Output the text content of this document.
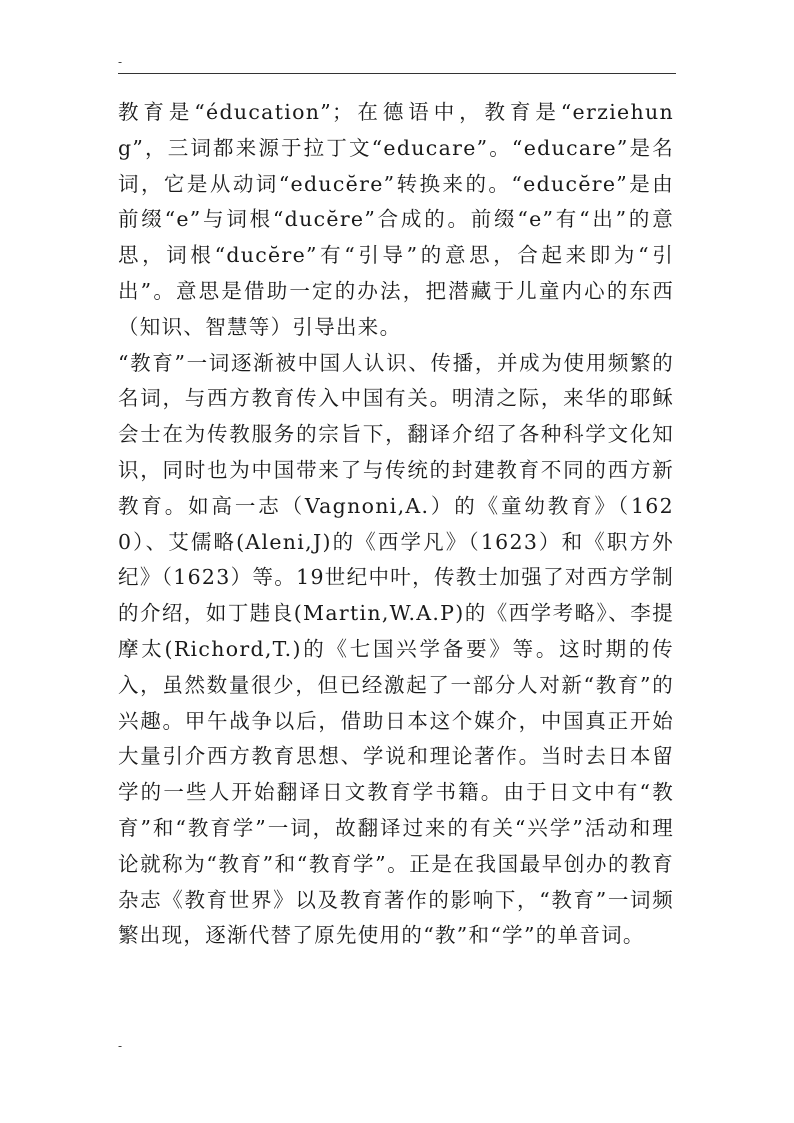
-

教育是“éducation”；在德语中，教育是“erziehung”，三词都来源于拉丁文“educare”。“educare”是名词，它是从动词“educĕre”转换来的。“educĕre”是由前缀“e”与词根“ducĕre”合成的。前缀“e”有“出”的意思，词根“ducĕre”有“引导”的意思，合起来即为“引出”。意思是借助一定的办法，把潜藏于儿童内心的东西（知识、智慧等）引导出来。

“教育”一词逐渐被中国人认识、传播，并成为使用频繁的名词，与西方教育传入中国有关。明清之际，来华的耶稣会士在为传教服务的宗旨下，翻译介绍了各种科学文化知识，同时也为中国带来了与传统的封建教育不同的西方新教育。如高一志（Vagnoni,A.）的《童幼教育》（1620）、艾儒略(Aleni,J)的《西学凡》（1623）和《职方外纪》（1623）等。19世纪中叶，传教士加强了对西方学制的介绍，如丁韪良(Martin,W.A.P)的《西学考略》、李提摩太(Richord,T.)的《七国兴学备要》等。这时期的传入，虽然数量很少，但已经激起了一部分人对新“教育”的兴趣。甲午战争以后，借助日本这个媒介，中国真正开始大量引介西方教育思想、学说和理论著作。当时去日本留学的一些人开始翻译日文教育学书籍。由于日文中有“教育”和“教育学”一词，故翻译过来的有关“兴学”活动和理论就称为“教育”和“教育学”。正是在我国最早创办的教育杂志《教育世界》以及教育著作的影响下，“教育”一词频繁出现，逐渐代替了原先使用的“教”和“学”的单音词。

-
